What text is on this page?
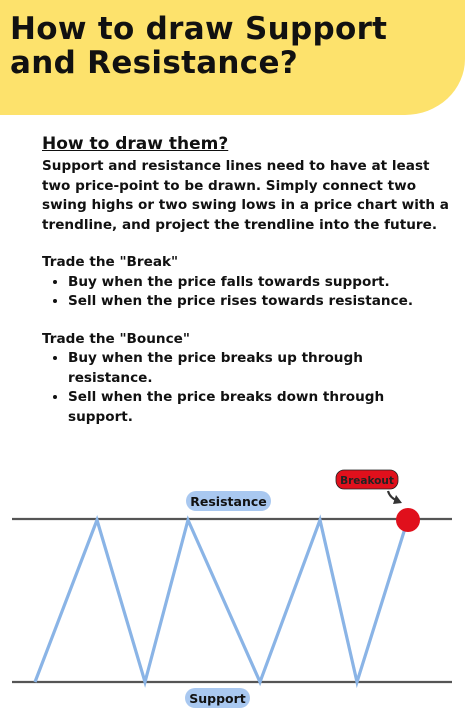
How to draw Support
and Resistance?
How to draw them?

Support and resistance lines need to have at least two price-point to be drawn. Simply connect two swing highs or two swing lows in a price chart with a trendline, and project the trendline into the future.

Trade the "Break"

• Buy when the price falls towards support.
• Sell when the price rises towards resistance.

Trade the "Bounce"

• Buy when the price breaks up through resistance.
• Sell when the price breaks down through support.
Resistance
Support
Breakout
